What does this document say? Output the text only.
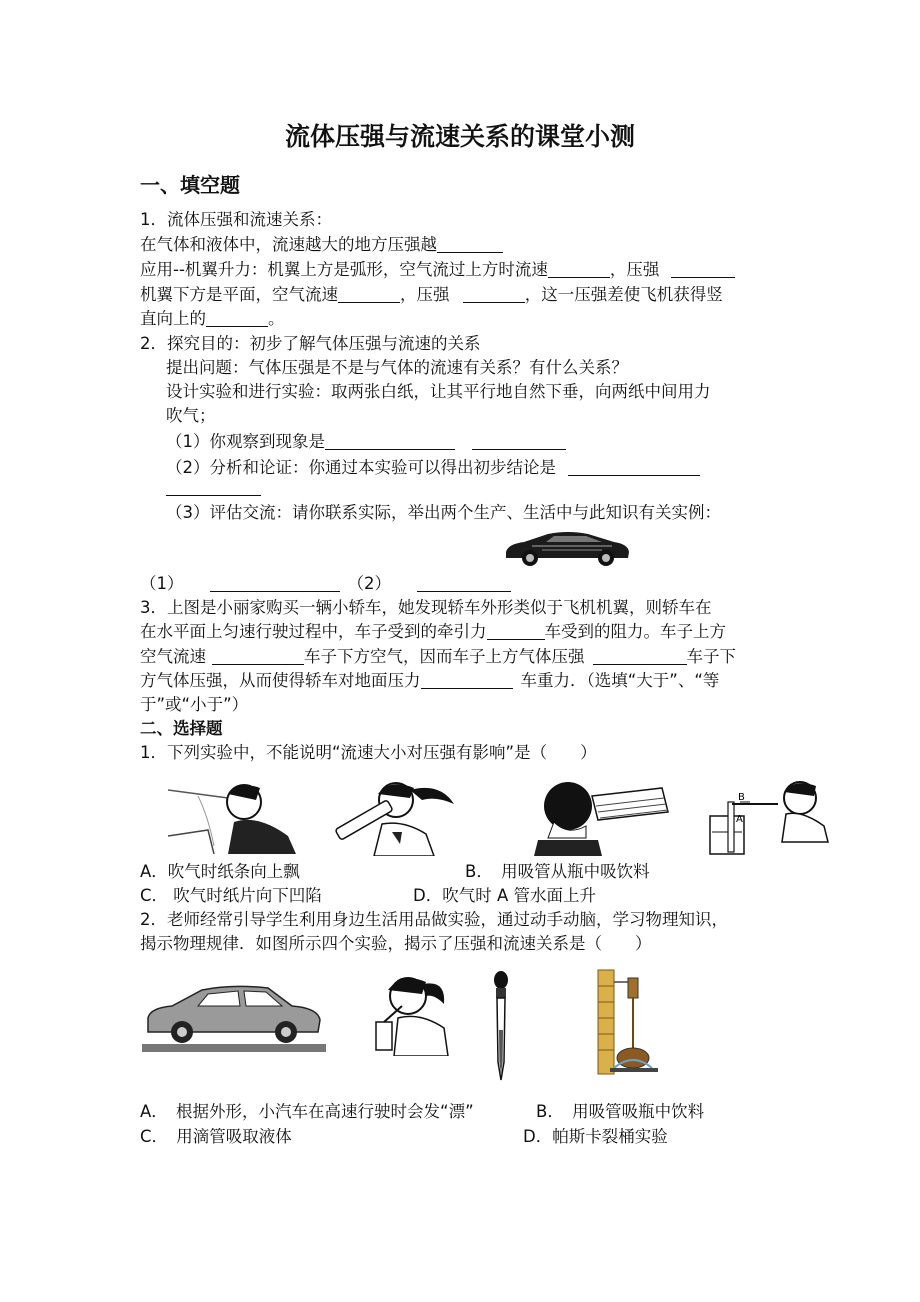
流体压强与流速关系的课堂小测
一、填空题
1．流体压强和流速关系：
在气体和液体中，流速越大的地方压强越
应用--机翼升力：机翼上方是弧形，空气流过上方时流速	，压强
机翼下方是平面，空气流速	，压强	，这一压强差使飞机获得竖
直向上的	。
2．探究目的：初步了解气体压强与流速的关系
提出问题：气体压强是不是与气体的流速有关系？有什么关系？
设计实验和进行实验：取两张白纸，让其平行地自然下垂，向两纸中间用力
吹气；
（1）你观察到现象是
（2）分析和论证：你通过本实验可以得出初步结论是
（3）评估交流：请你联系实际，举出两个生产、生活中与此知识有关实例：
（1）	（2）
3．上图是小丽家购买一辆小轿车，她发现轿车外形类似于飞机机翼，则轿车在
在水平面上匀速行驶过程中，车子受到的牵引力	车受到的阻力。车子上方
空气流速	车子下方空气，因而车子上方气体压强	车子下
方气体压强，从而使得轿车对地面压力	车重力．（选填“大于”、“等
于”或“小于”）
二、选择题
1．下列实验中，不能说明“流速大小对压强有影响”是（　　）
B
A
A．吹气时纸条向上飘	B．　用吸管从瓶中吸饮料
C． 吹气时纸片向下凹陷	D．吹气时 A 管水面上升
2．老师经常引导学生利用身边生活用品做实验，通过动手动脑，学习物理知识，
揭示物理规律．如图所示四个实验，揭示了压强和流速关系是（　　）
A．　根据外形，小汽车在高速行驶时会发“漂”	B．　用吸管吸瓶中饮料
C．　用滴管吸取液体	D．帕斯卡裂桶实验
